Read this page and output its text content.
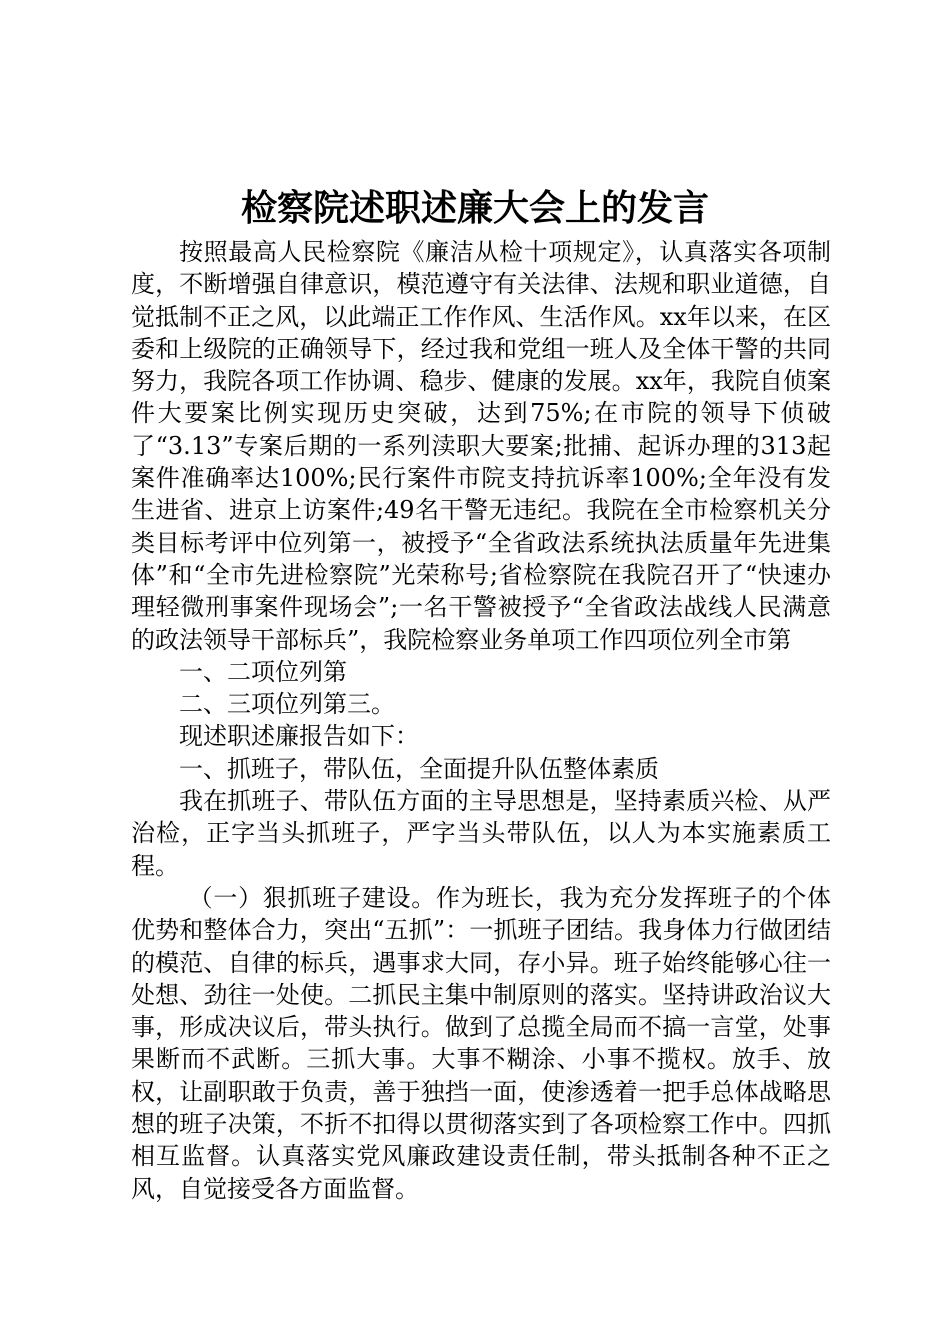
检察院述职述廉大会上的发言

按照最高人民检察院《廉洁从检十项规定》，认真落实各项制度，不断增强自律意识，模范遵守有关法律、法规和职业道德，自觉抵制不正之风，以此端正工作作风、生活作风。xx年以来，在区委和上级院的正确领导下，经过我和党组一班人及全体干警的共同努力，我院各项工作协调、稳步、健康的发展。xx年，我院自侦案件大要案比例实现历史突破，达到75%;在市院的领导下侦破了“3.13”专案后期的一系列渎职大要案;批捕、起诉办理的313起案件准确率达100%;民行案件市院支持抗诉率100%;全年没有发生进省、进京上访案件;49名干警无违纪。我院在全市检察机关分类目标考评中位列第一，被授予“全省政法系统执法质量年先进集体”和“全市先进检察院”光荣称号;省检察院在我院召开了“快速办理轻微刑事案件现场会”;一名干警被授予“全省政法战线人民满意的政法领导干部标兵”，我院检察业务单项工作四项位列全市第

一、二项位列第

二、三项位列第三。

现述职述廉报告如下：

一、抓班子，带队伍，全面提升队伍整体素质

我在抓班子、带队伍方面的主导思想是，坚持素质兴检、从严治检，正字当头抓班子，严字当头带队伍，以人为本实施素质工程。

（一）狠抓班子建设。作为班长，我为充分发挥班子的个体优势和整体合力，突出“五抓”：一抓班子团结。我身体力行做团结的模范、自律的标兵，遇事求大同，存小异。班子始终能够心往一处想、劲往一处使。二抓民主集中制原则的落实。坚持讲政治议大事，形成决议后，带头执行。做到了总揽全局而不搞一言堂，处事果断而不武断。三抓大事。大事不糊涂、小事不揽权。放手、放权，让副职敢于负责，善于独挡一面，使渗透着一把手总体战略思想的班子决策，不折不扣得以贯彻落实到了各项检察工作中。四抓相互监督。认真落实党风廉政建设责任制，带头抵制各种不正之风，自觉接受各方面监督。
